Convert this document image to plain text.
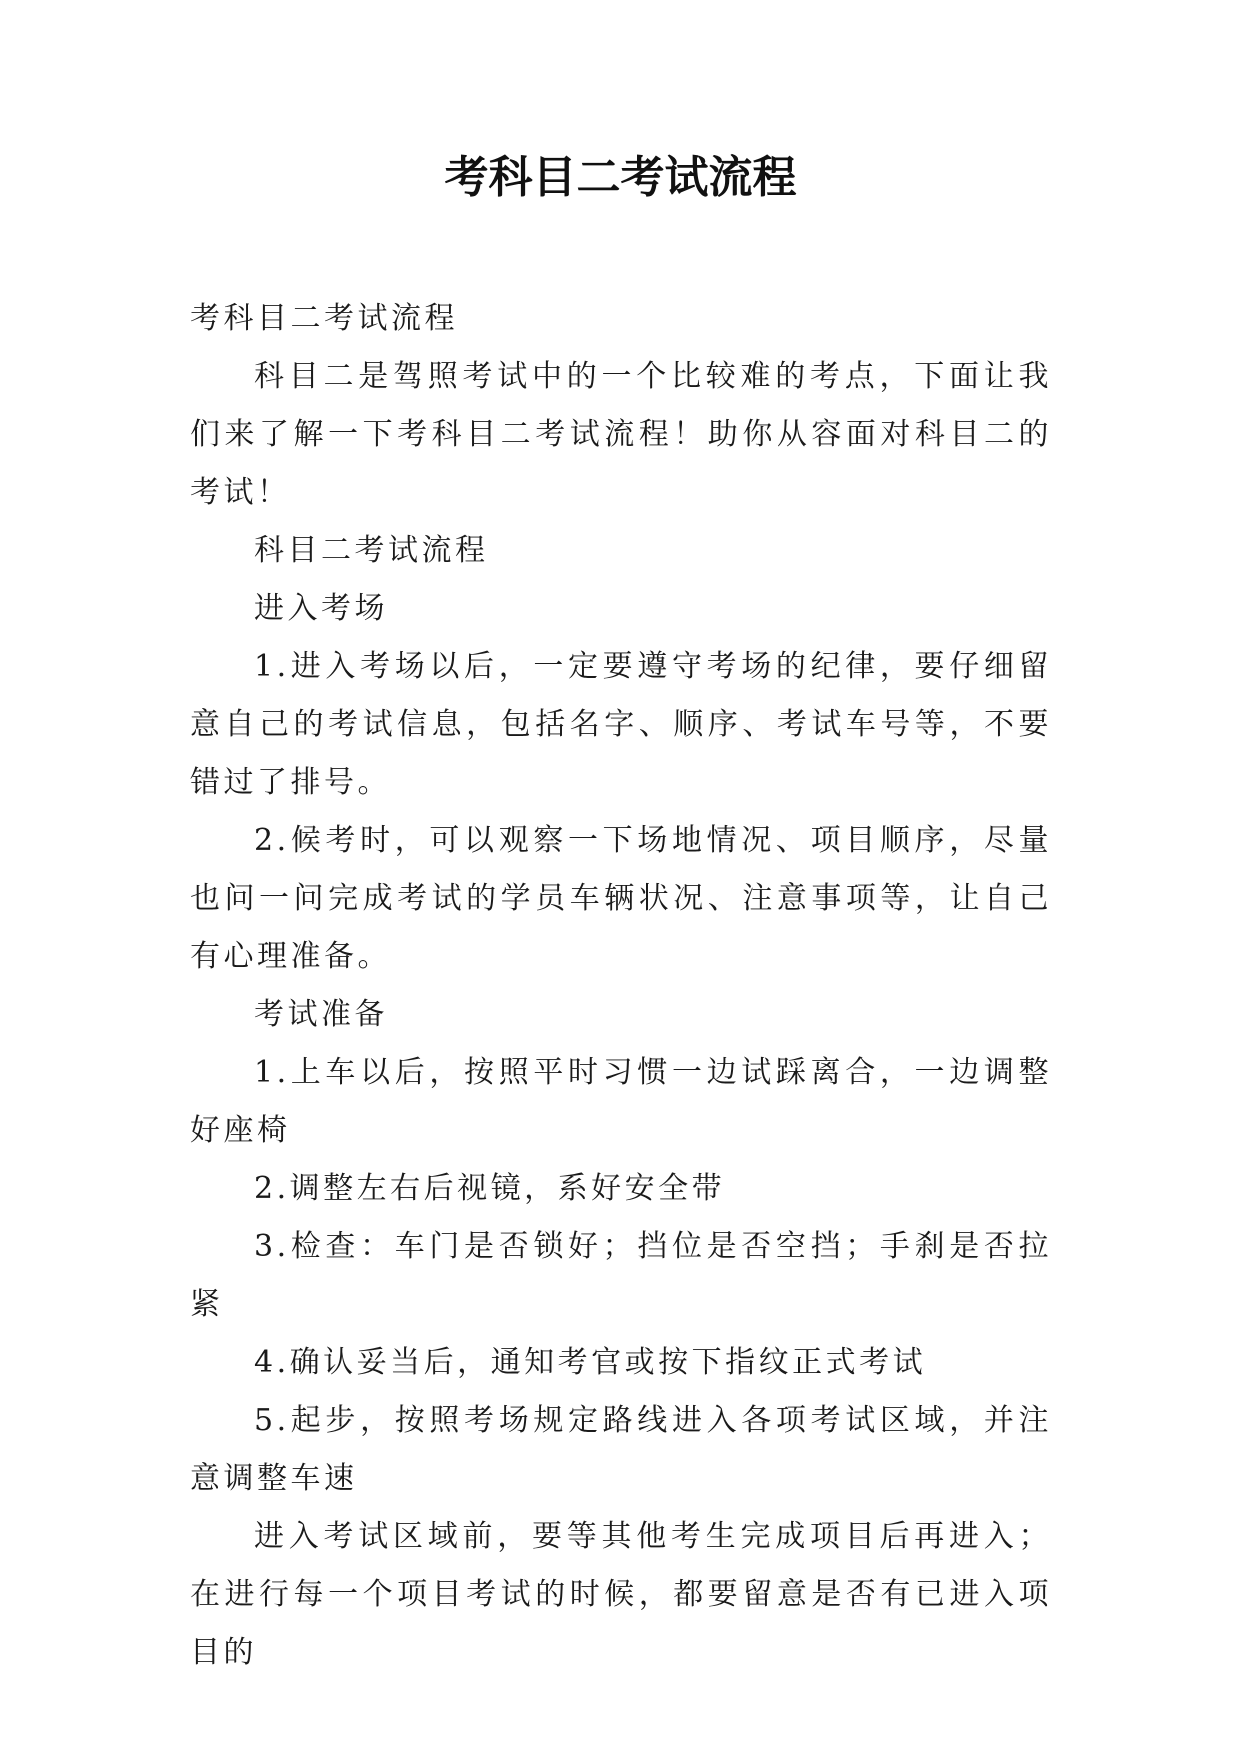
考科目二考试流程

考科目二考试流程

科目二是驾照考试中的一个比较难的考点，下面让我们来了解一下考科目二考试流程！助你从容面对科目二的考试！

科目二考试流程

进入考场

1.进入考场以后，一定要遵守考场的纪律，要仔细留意自己的考试信息，包括名字、顺序、考试车号等，不要错过了排号。

2.候考时，可以观察一下场地情况、项目顺序，尽量也问一问完成考试的学员车辆状况、注意事项等，让自己有心理准备。

考试准备

1.上车以后，按照平时习惯一边试踩离合，一边调整好座椅

2.调整左右后视镜，系好安全带

3.检查：车门是否锁好；挡位是否空挡；手刹是否拉紧

4.确认妥当后，通知考官或按下指纹正式考试

5.起步，按照考场规定路线进入各项考试区域，并注意调整车速

进入考试区域前，要等其他考生完成项目后再进入；在进行每一个项目考试的时候，都要留意是否有已进入项目的
